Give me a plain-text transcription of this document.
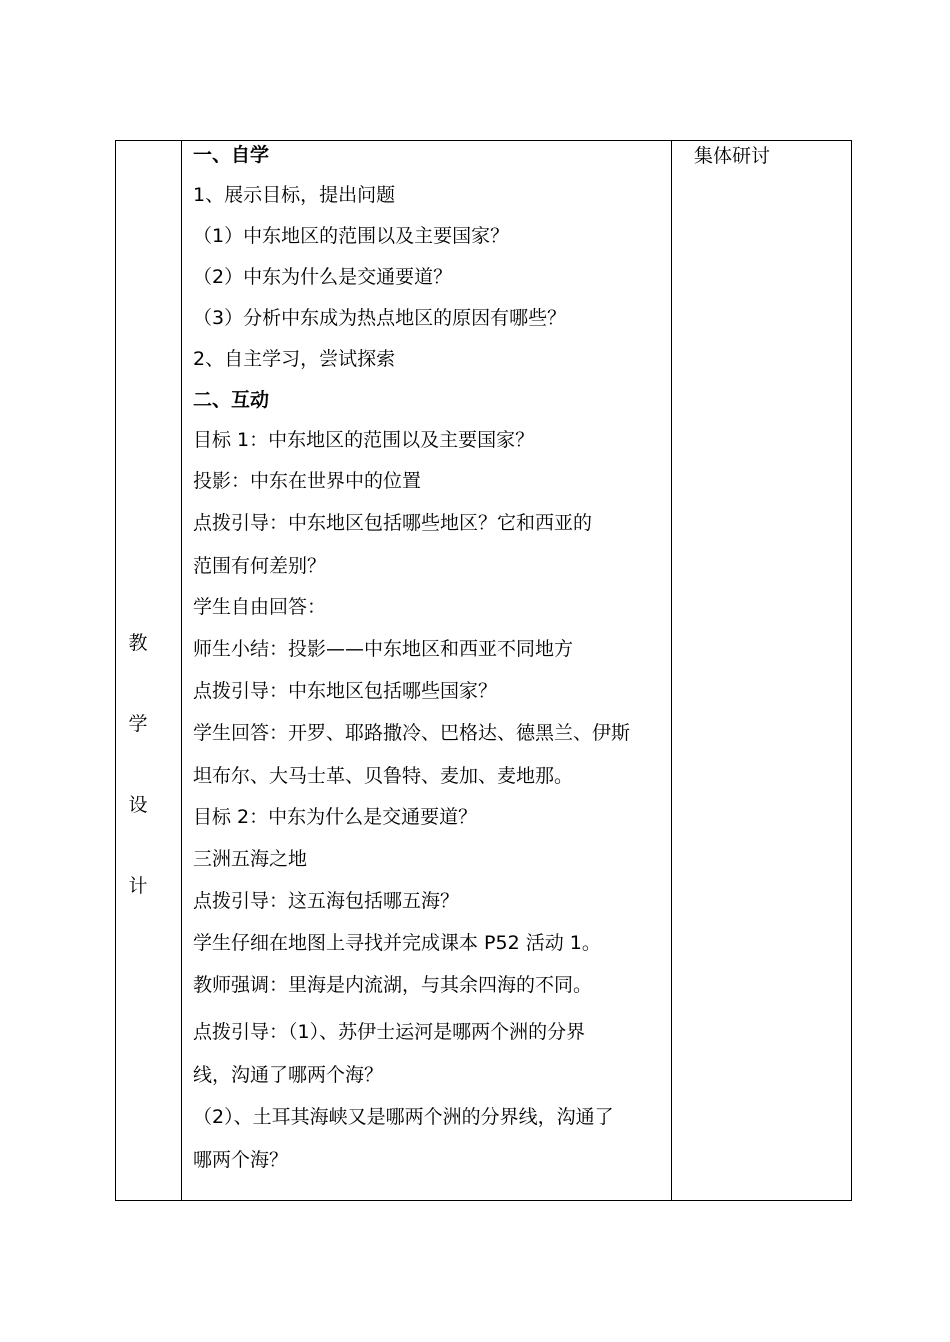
教
学
设
计
一、自学
1、展示目标，提出问题
（1）中东地区的范围以及主要国家？
（2）中东为什么是交通要道？
（3）分析中东成为热点地区的原因有哪些？
2、自主学习，尝试探索
二、互动
目标 1：中东地区的范围以及主要国家？
投影：中东在世界中的位置
点拨引导：中东地区包括哪些地区？它和西亚的
范围有何差别？
学生自由回答：
师生小结：投影——中东地区和西亚不同地方
点拨引导：中东地区包括哪些国家？
学生回答：开罗、耶路撒冷、巴格达、德黑兰、伊斯
坦布尔、大马士革、贝鲁特、麦加、麦地那。
目标 2：中东为什么是交通要道？
三洲五海之地
点拨引导：这五海包括哪五海？
学生仔细在地图上寻找并完成课本 P52 活动 1。
教师强调：里海是内流湖，与其余四海的不同。
点拨引导：（1）、苏伊士运河是哪两个洲的分界
线，沟通了哪两个海？
（2）、土耳其海峡又是哪两个洲的分界线，沟通了
哪两个海？
集体研讨
